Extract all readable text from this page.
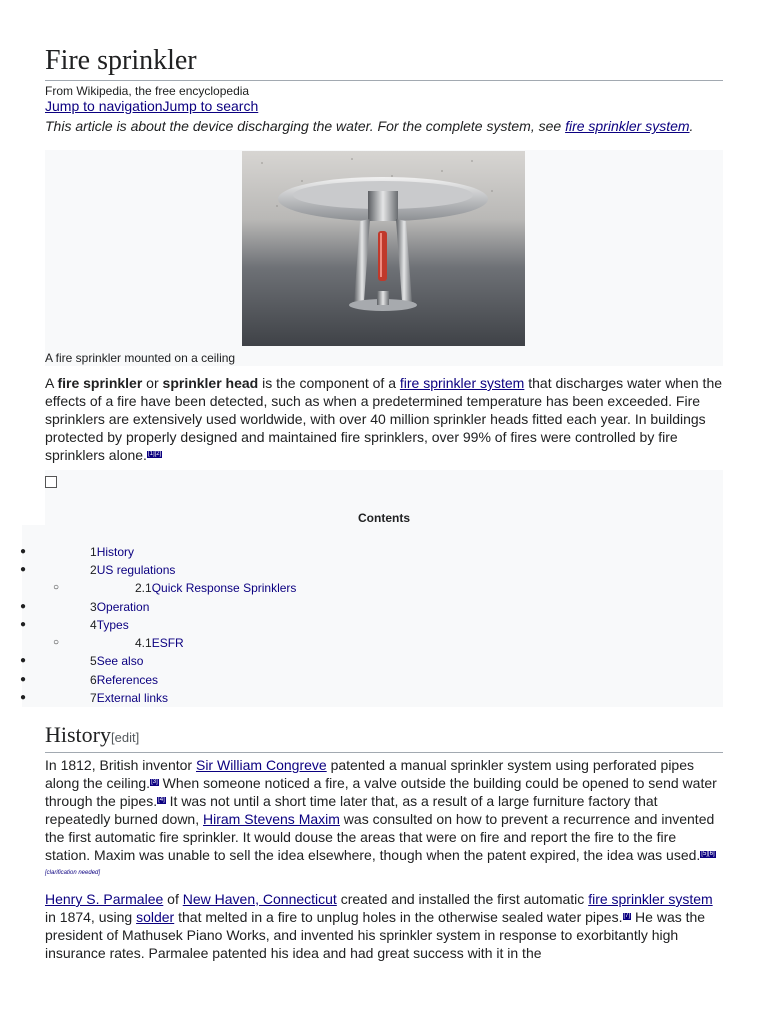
Fire sprinkler
From Wikipedia, the free encyclopedia
Jump to navigationJump to search
This article is about the device discharging the water. For the complete system, see fire sprinkler system.
A fire sprinkler mounted on a ceiling

A fire sprinkler or sprinkler head is the component of a fire sprinkler system that discharges water when the effects of a fire have been detected, such as when a predetermined temperature has been exceeded. Fire sprinklers are extensively used worldwide, with over 40 million sprinkler heads fitted each year. In buildings protected by properly designed and maintained fire sprinklers, over 99% of fires were controlled by fire sprinklers alone.[1][2]

Contents
●	1History
●	2US regulations
○	2.1Quick Response Sprinklers
●	3Operation
●	4Types
○	4.1ESFR
●	5See also
●	6References
●	7External links
History[edit]

In 1812, British inventor Sir William Congreve patented a manual sprinkler system using perforated pipes along the ceiling.[3] When someone noticed a fire, a valve outside the building could be opened to send water through the pipes.[4] It was not until a short time later that, as a result of a large furniture factory that repeatedly burned down, Hiram Stevens Maxim was consulted on how to prevent a recurrence and invented the first automatic fire sprinkler. It would douse the areas that were on fire and report the fire to the fire station. Maxim was unable to sell the idea elsewhere, though when the patent expired, the idea was used.[5][6][clarification needed]

Henry S. Parmalee of New Haven, Connecticut created and installed the first automatic fire sprinkler system in 1874, using solder that melted in a fire to unplug holes in the otherwise sealed water pipes.[7] He was the president of Mathusek Piano Works, and invented his sprinkler system in response to exorbitantly high insurance rates. Parmalee patented his idea and had great success with it in the
